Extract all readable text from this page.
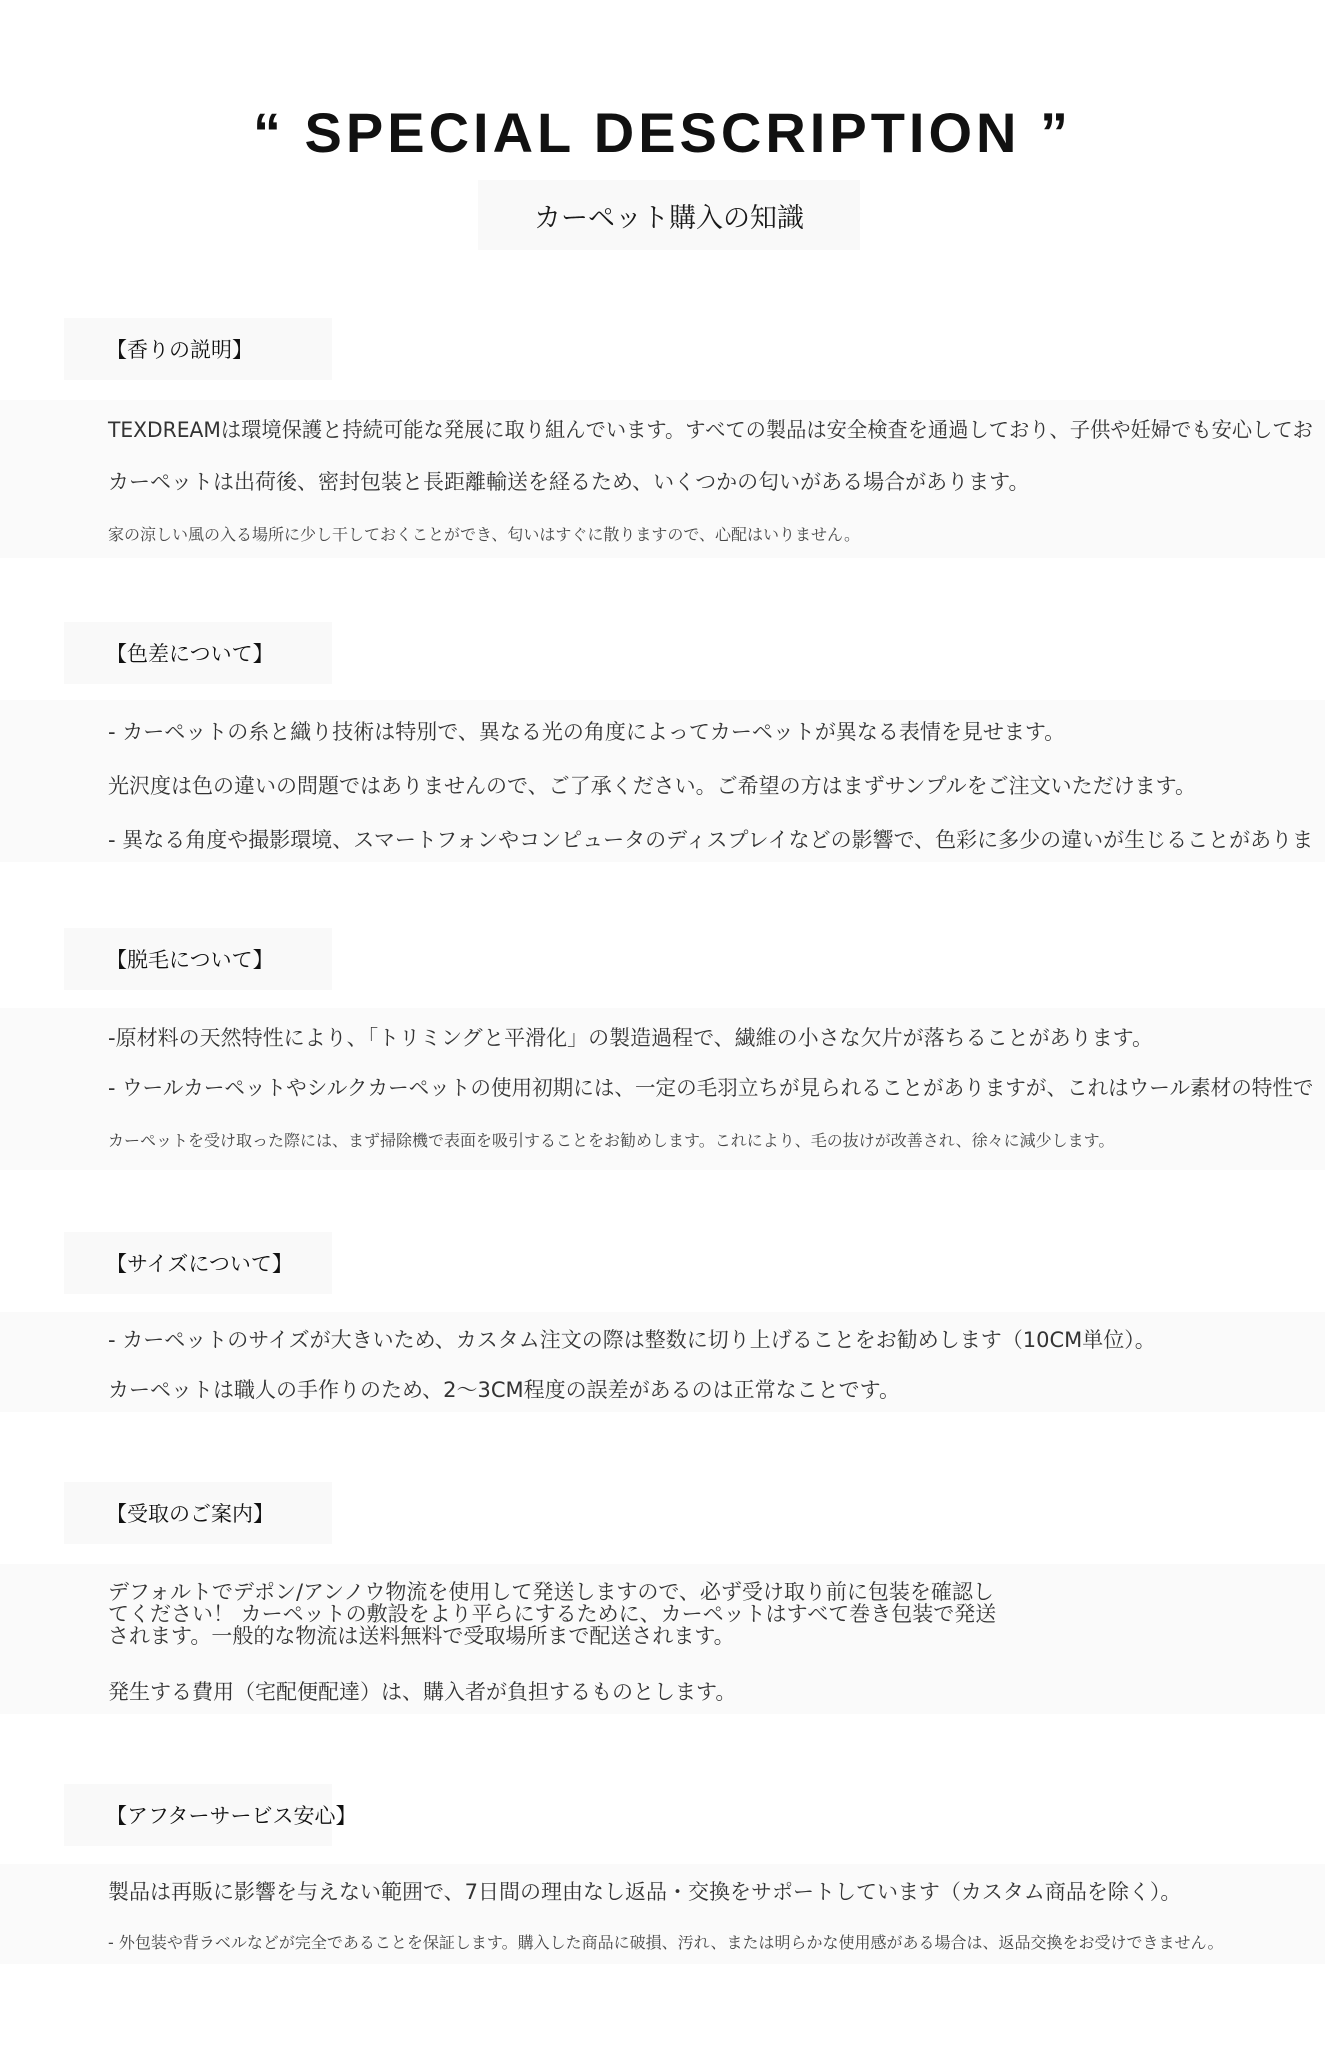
“ SPECIAL DESCRIPTION ”
カーペット購入の知識
【香りの説明】
TEXDREAMは環境保護と持続可能な発展に取り組んでいます。すべての製品は安全検査を通過しており、子供や妊婦でも安心してお
カーペットは出荷後、密封包装と長距離輸送を経るため、いくつかの匂いがある場合があります。
家の涼しい風の入る場所に少し干しておくことができ、匂いはすぐに散りますので、心配はいりません。
【色差について】
- カーペットの糸と織り技術は特別で、異なる光の角度によってカーペットが異なる表情を見せます。
光沢度は色の違いの問題ではありませんので、ご了承ください。ご希望の方はまずサンプルをご注文いただけます。
- 異なる角度や撮影環境、スマートフォンやコンピュータのディスプレイなどの影響で、色彩に多少の違いが生じることがありま
【脱毛について】
-原材料の天然特性により、「トリミングと平滑化」の製造過程で、繊維の小さな欠片が落ちることがあります。
- ウールカーペットやシルクカーペットの使用初期には、一定の毛羽立ちが見られることがありますが、これはウール素材の特性で
カーペットを受け取った際には、まず掃除機で表面を吸引することをお勧めします。これにより、毛の抜けが改善され、徐々に減少します。
【サイズについて】
- カーペットのサイズが大きいため、カスタム注文の際は整数に切り上げることをお勧めします（10CM単位）。
カーペットは職人の手作りのため、2〜3CM程度の誤差があるのは正常なことです。
【受取のご案内】
デフォルトでデポン/アンノウ物流を使用して発送しますので、必ず受け取り前に包装を確認し
てください！ カーペットの敷設をより平らにするために、カーペットはすべて巻き包装で発送
されます。一般的な物流は送料無料で受取場所まで配送されます。
発生する費用（宅配便配達）は、購入者が負担するものとします。
【アフターサービス安心】
製品は再販に影響を与えない範囲で、7日間の理由なし返品・交換をサポートしています（カスタム商品を除く）。
- 外包装や背ラベルなどが完全であることを保証します。購入した商品に破損、汚れ、または明らかな使用感がある場合は、返品交換をお受けできません。
